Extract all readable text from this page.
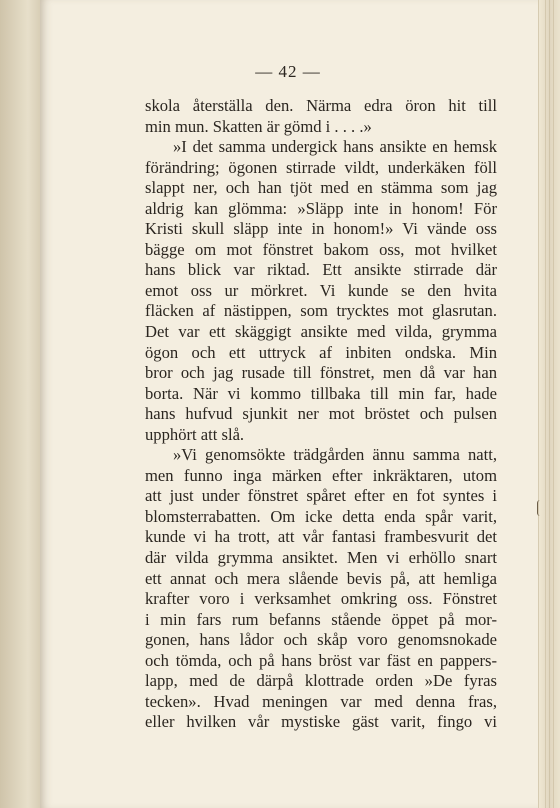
— 42 —
skola återställa den. Närma edra öron hit till
min mun. Skatten är gömd i . . . .»
»I det samma undergick hans ansikte en hemsk
förändring; ögonen stirrade vildt, underkäken föll
slappt ner, och han tjöt med en stämma som jag
aldrig kan glömma: »Släpp inte in honom! För
Kristi skull släpp inte in honom!» Vi vände oss
bägge om mot fönstret bakom oss, mot hvilket
hans blick var riktad. Ett ansikte stirrade där
emot oss ur mörkret. Vi kunde se den hvita
fläcken af nästippen, som trycktes mot glasrutan.
Det var ett skäggigt ansikte med vilda, grymma
ögon och ett uttryck af inbiten ondska. Min
bror och jag rusade till fönstret, men då var han
borta. När vi kommo tillbaka till min far, hade
hans hufvud sjunkit ner mot bröstet och pulsen
upphört att slå.
»Vi genomsökte trädgården ännu samma natt,
men funno inga märken efter inkräktaren, utom
att just under fönstret spåret efter en fot syntes i
blomsterrabatten. Om icke detta enda spår varit,
kunde vi ha trott, att vår fantasi frambesvurit det
där vilda grymma ansiktet. Men vi erhöllo snart
ett annat och mera slående bevis på, att hemliga
krafter voro i verksamhet omkring oss. Fönstret
i min fars rum befanns stående öppet på mor-
gonen, hans lådor och skåp voro genomsnokade
och tömda, och på hans bröst var fäst en pappers-
lapp, med de därpå klottrade orden »De fyras
tecken». Hvad meningen var med denna fras,
eller hvilken vår mystiske gäst varit, fingo vi
